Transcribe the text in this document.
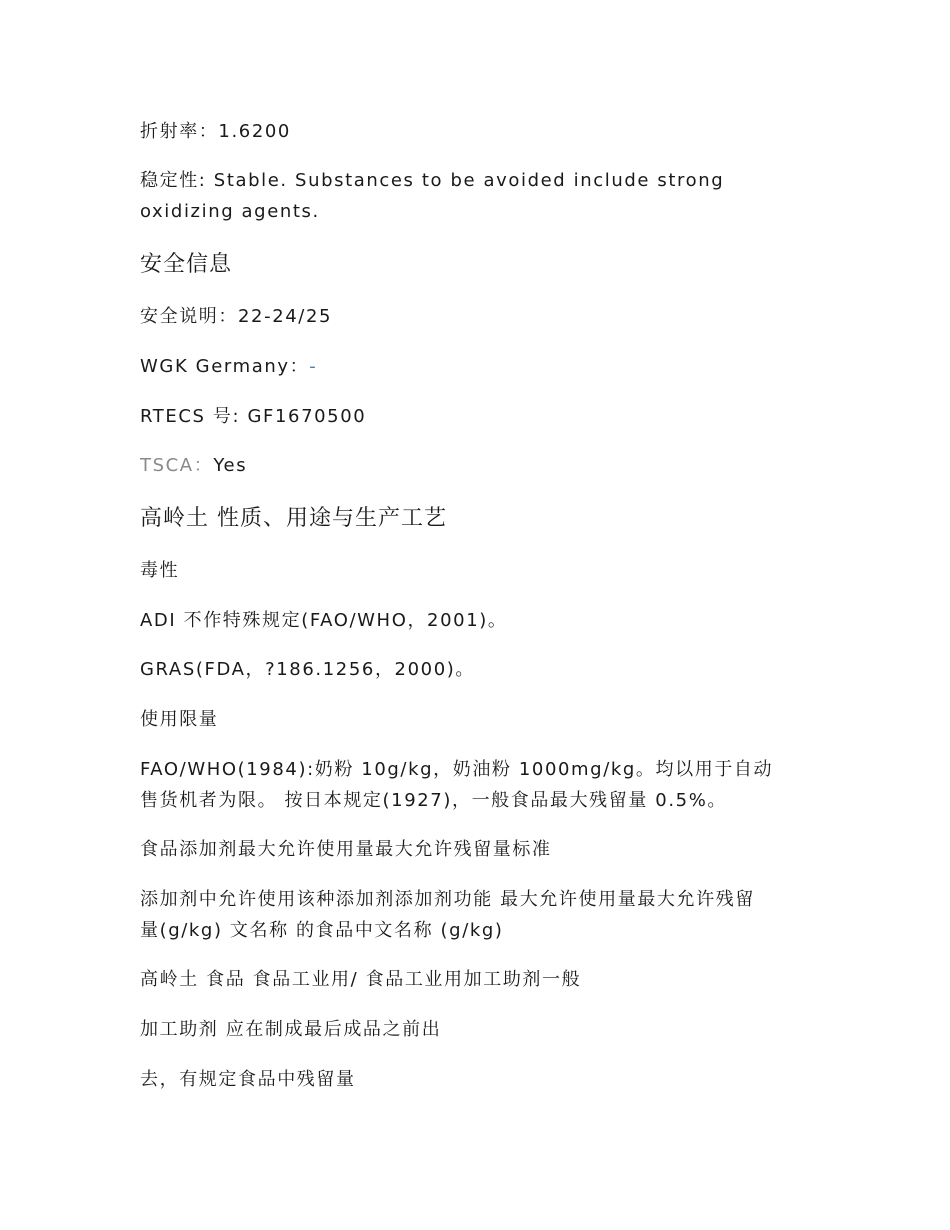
折射率：1.6200
稳定性: Stable. Substances to be avoided include strong oxidizing agents.
安全信息
安全说明：22-24/25
WGK Germany：-
RTECS 号: GF1670500
TSCA：Yes
高岭土 性质、用途与生产工艺
毒性
ADI 不作特殊规定(FAO/WHO，2001)。
GRAS(FDA，?186.1256，2000)。
使用限量
FAO/WHO(1984):奶粉 10g/kg，奶油粉 1000mg/kg。均以用于自动
售货机者为限。 按日本规定(1927)，一般食品最大残留量 0.5%。
食品添加剂最大允许使用量最大允许残留量标准
添加剂中允许使用该种添加剂添加剂功能 最大允许使用量最大允许残留
量(g/kg) 文名称 的食品中文名称 (g/kg)
高岭土 食品 食品工业用/ 食品工业用加工助剂一般
加工助剂 应在制成最后成品之前出
去，有规定食品中残留量
